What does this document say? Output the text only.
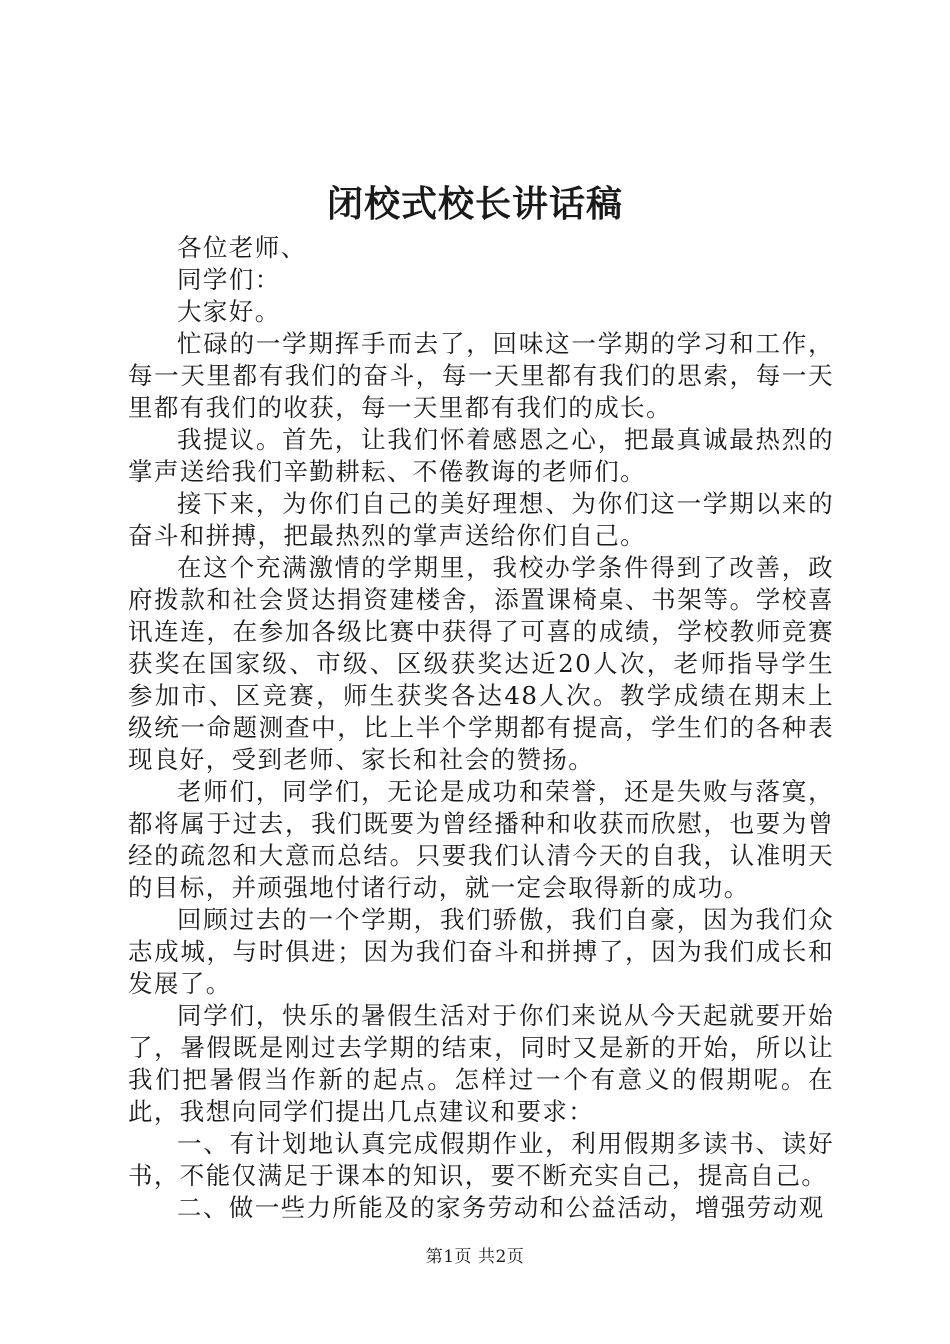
闭校式校长讲话稿

各位老师、

同学们：

大家好。

忙碌的一学期挥手而去了，回味这一学期的学习和工作，每一天里都有我们的奋斗，每一天里都有我们的思索，每一天里都有我们的收获，每一天里都有我们的成长。

我提议。首先，让我们怀着感恩之心，把最真诚最热烈的掌声送给我们辛勤耕耘、不倦教诲的老师们。

接下来，为你们自己的美好理想、为你们这一学期以来的奋斗和拼搏，把最热烈的掌声送给你们自己。

在这个充满激情的学期里，我校办学条件得到了改善，政府拨款和社会贤达捐资建楼舍，添置课椅桌、书架等。学校喜讯连连，在参加各级比赛中获得了可喜的成绩，学校教师竞赛获奖在国家级、市级、区级获奖达近20人次，老师指导学生参加市、区竞赛，师生获奖各达48人次。教学成绩在期末上级统一命题测查中，比上半个学期都有提高，学生们的各种表现良好，受到老师、家长和社会的赞扬。

老师们，同学们，无论是成功和荣誉，还是失败与落寞，都将属于过去，我们既要为曾经播种和收获而欣慰，也要为曾经的疏忽和大意而总结。只要我们认清今天的自我，认准明天的目标，并顽强地付诸行动，就一定会取得新的成功。

回顾过去的一个学期，我们骄傲，我们自豪，因为我们众志成城，与时俱进；因为我们奋斗和拼搏了，因为我们成长和发展了。

同学们，快乐的暑假生活对于你们来说从今天起就要开始了，暑假既是刚过去学期的结束，同时又是新的开始，所以让我们把暑假当作新的起点。怎样过一个有意义的假期呢。在此，我想向同学们提出几点建议和要求：

一、有计划地认真完成假期作业，利用假期多读书、读好书，不能仅满足于课本的知识，要不断充实自己，提高自己。

二、做一些力所能及的家务劳动和公益活动，增强劳动观

第1页 共2页
